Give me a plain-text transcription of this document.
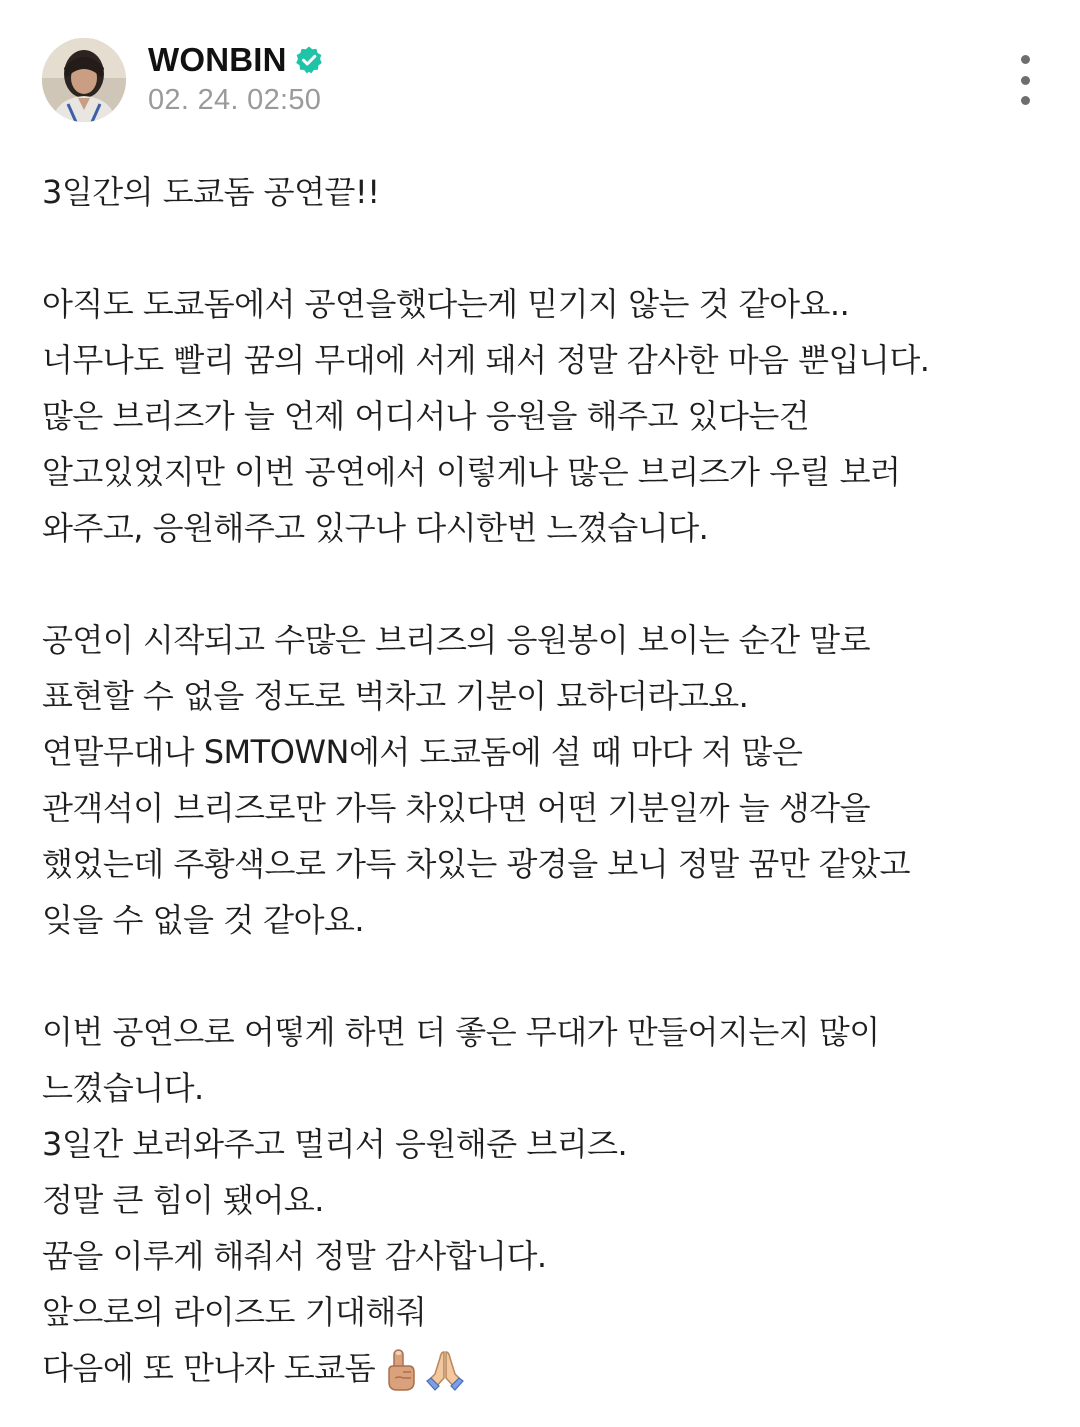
WONBIN
02. 24. 02:50
3일간의 도쿄돔 공연끝!!
아직도 도쿄돔에서 공연을했다는게 믿기지 않는 것 같아요..
너무나도 빨리 꿈의 무대에 서게 돼서 정말 감사한 마음 뿐입니다.
많은 브리즈가 늘 언제 어디서나 응원을 해주고 있다는건
알고있었지만 이번 공연에서 이렇게나 많은 브리즈가 우릴 보러
와주고, 응원해주고 있구나 다시한번 느꼈습니다.
공연이 시작되고 수많은 브리즈의 응원봉이 보이는 순간 말로
표현할 수 없을 정도로 벅차고 기분이 묘하더라고요.
연말무대나 SMTOWN에서 도쿄돔에 설 때 마다 저 많은
관객석이 브리즈로만 가득 차있다면 어떤 기분일까 늘 생각을
했었는데 주황색으로 가득 차있는 광경을 보니 정말 꿈만 같았고
잊을 수 없을 것 같아요.
이번 공연으로 어떻게 하면 더 좋은 무대가 만들어지는지 많이
느꼈습니다.
3일간 보러와주고 멀리서 응원해준 브리즈.
정말 큰 힘이 됐어요.
꿈을 이루게 해줘서 정말 감사합니다.
앞으로의 라이즈도 기대해줘
다음에 또 만나자 도쿄돔
